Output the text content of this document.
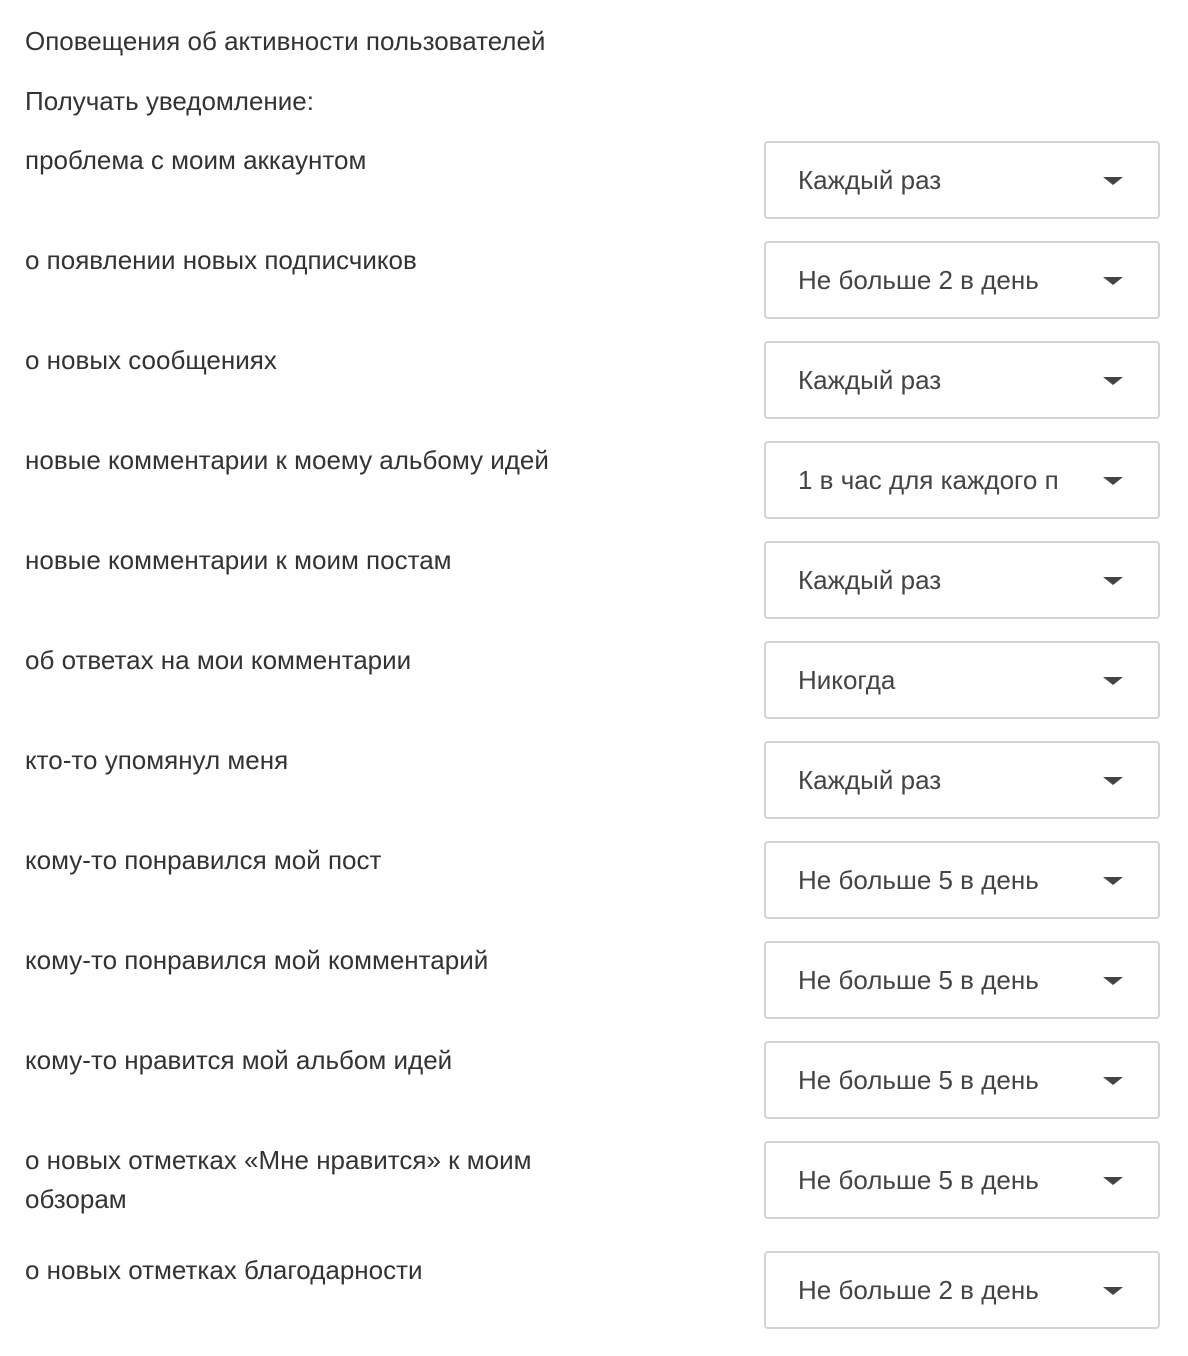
Оповещения об активности пользователей
Получать уведомление:
проблема с моим аккаунтом
Каждый раз
о появлении новых подписчиков
Не больше 2 в день
о новых сообщениях
Каждый раз
новые комментарии к моему альбому идей
1 в час для каждого п
новые комментарии к моим постам
Каждый раз
об ответах на мои комментарии
Никогда
кто-то упомянул меня
Каждый раз
кому-то понравился мой пост
Не больше 5 в день
кому-то понравился мой комментарий
Не больше 5 в день
кому-то нравится мой альбом идей
Не больше 5 в день
о новых отметках «Мне нравится» к моим обзорам
Не больше 5 в день
о новых отметках благодарности
Не больше 2 в день
